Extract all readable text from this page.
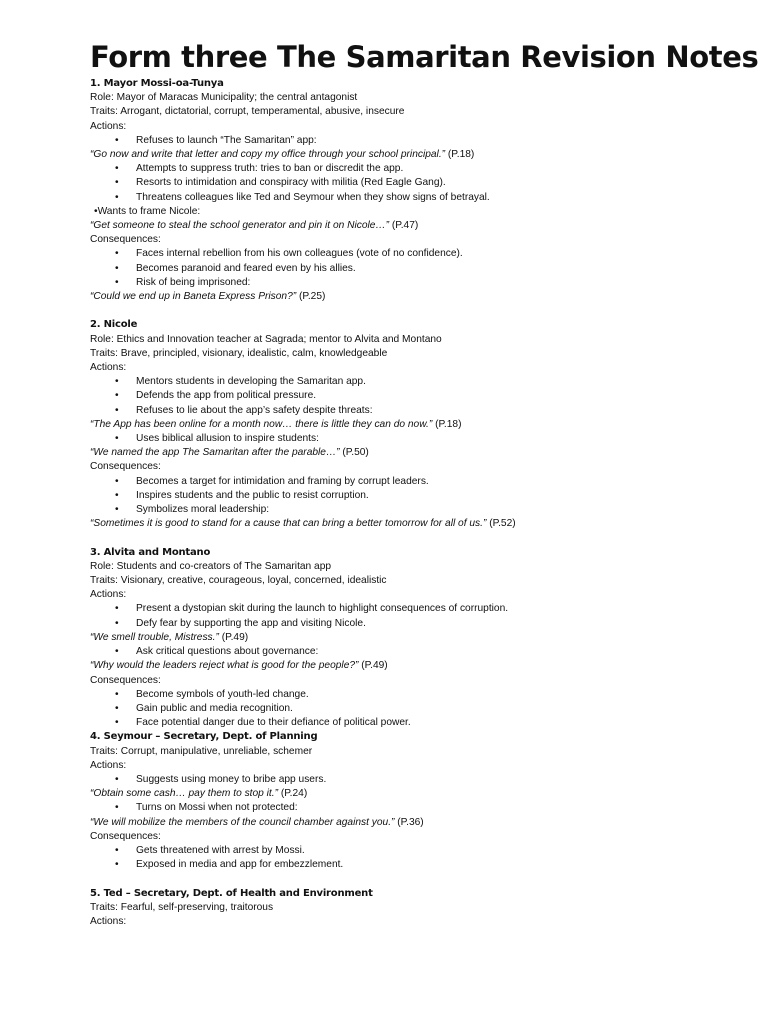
Form three The Samaritan Revision Notes
1. Mayor Mossi-oa-Tunya
Role: Mayor of Maracas Municipality; the central antagonist
Traits: Arrogant, dictatorial, corrupt, temperamental, abusive, insecure
Actions:
• Refuses to launch “The Samaritan” app:
“Go now and write that letter and copy my office through your school principal.” (P.18)
• Attempts to suppress truth: tries to ban or discredit the app.
• Resorts to intimidation and conspiracy with militia (Red Eagle Gang).
• Threatens colleagues like Ted and Seymour when they show signs of betrayal.
•Wants to frame Nicole:
“Get someone to steal the school generator and pin it on Nicole…” (P.47)
Consequences:
• Faces internal rebellion from his own colleagues (vote of no confidence).
• Becomes paranoid and feared even by his allies.
• Risk of being imprisoned:
“Could we end up in Baneta Express Prison?” (P.25)
2. Nicole
Role: Ethics and Innovation teacher at Sagrada; mentor to Alvita and Montano
Traits: Brave, principled, visionary, idealistic, calm, knowledgeable
Actions:
• Mentors students in developing the Samaritan app.
• Defends the app from political pressure.
• Refuses to lie about the app’s safety despite threats:
“The App has been online for a month now… there is little they can do now.” (P.18)
• Uses biblical allusion to inspire students:
“We named the app The Samaritan after the parable…” (P.50)
Consequences:
• Becomes a target for intimidation and framing by corrupt leaders.
• Inspires students and the public to resist corruption.
• Symbolizes moral leadership:
“Sometimes it is good to stand for a cause that can bring a better tomorrow for all of us.” (P.52)
3. Alvita and Montano
Role: Students and co-creators of The Samaritan app
Traits: Visionary, creative, courageous, loyal, concerned, idealistic
Actions:
• Present a dystopian skit during the launch to highlight consequences of corruption.
• Defy fear by supporting the app and visiting Nicole.
“We smell trouble, Mistress.” (P.49)
• Ask critical questions about governance:
“Why would the leaders reject what is good for the people?” (P.49)
Consequences:
• Become symbols of youth-led change.
• Gain public and media recognition.
• Face potential danger due to their defiance of political power.
4. Seymour – Secretary, Dept. of Planning
Traits: Corrupt, manipulative, unreliable, schemer
Actions:
• Suggests using money to bribe app users.
“Obtain some cash… pay them to stop it.” (P.24)
• Turns on Mossi when not protected:
“We will mobilize the members of the council chamber against you.” (P.36)
Consequences:
• Gets threatened with arrest by Mossi.
• Exposed in media and app for embezzlement.
5. Ted – Secretary, Dept. of Health and Environment
Traits: Fearful, self-preserving, traitorous
Actions:
